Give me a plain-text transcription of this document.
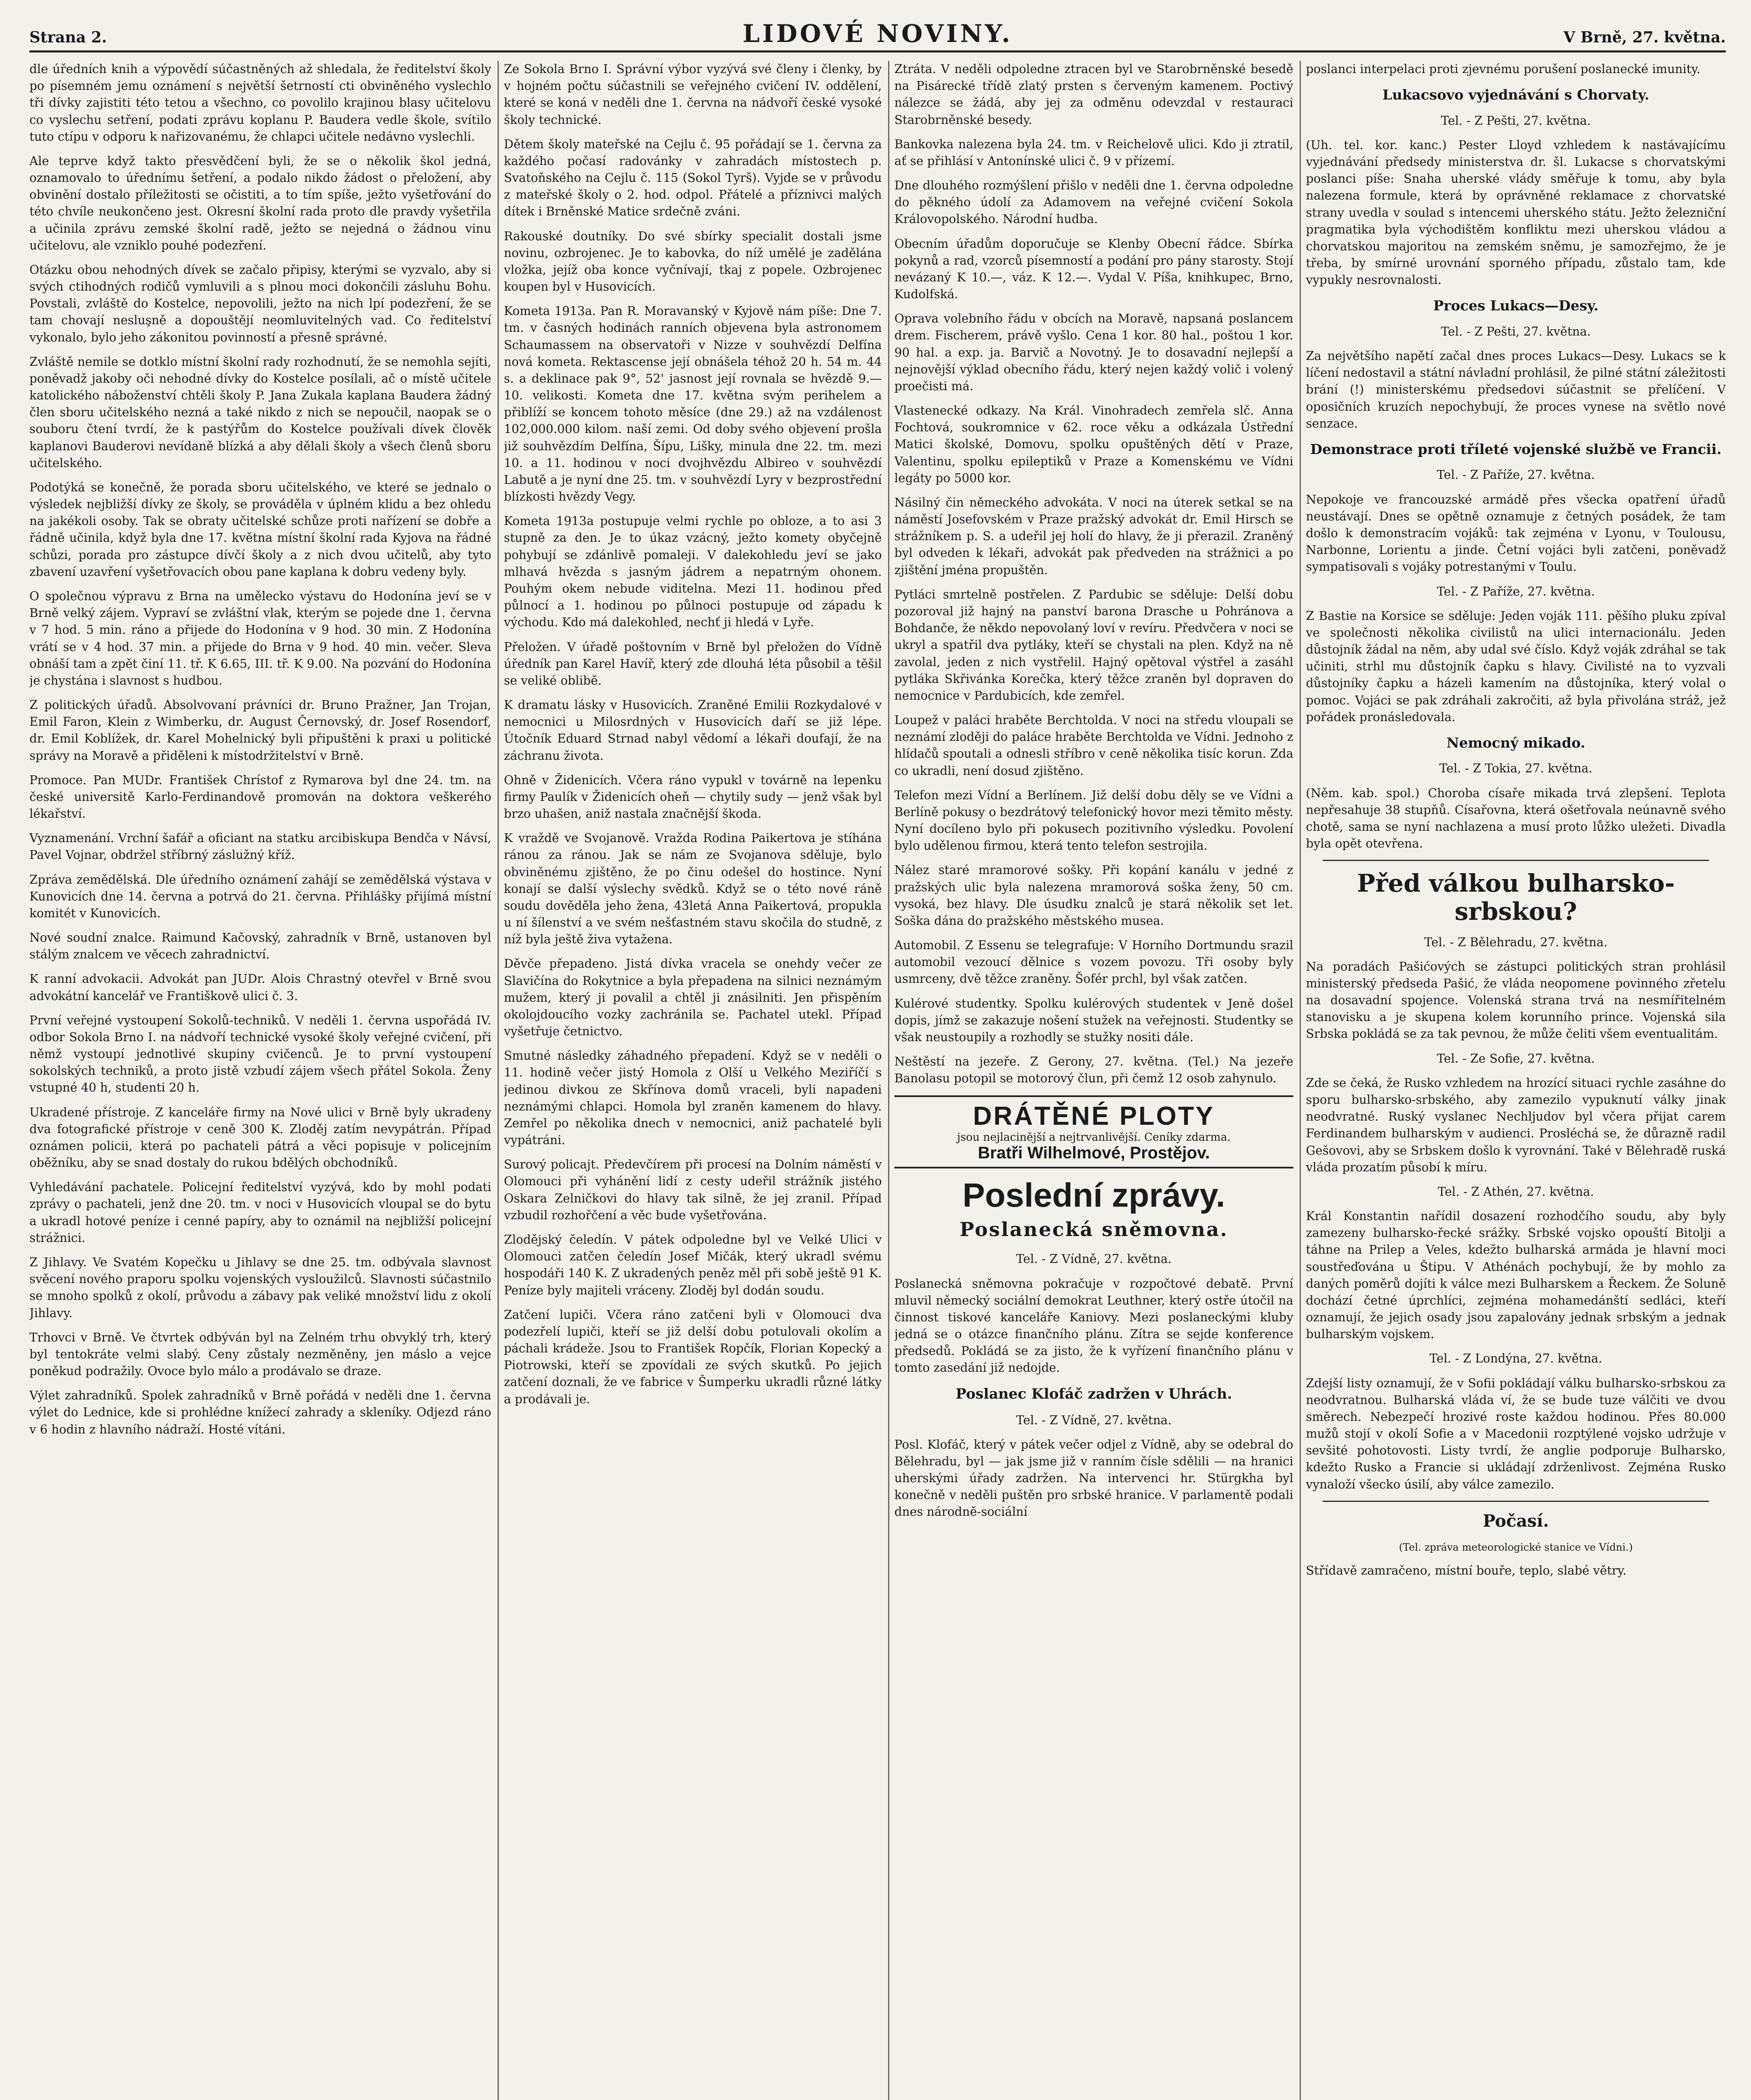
Strana 2.	LIDOVÉ NOVINY.	V Brně, 27. května.

dle úředních knih a výpovědí súčastněných až shledala, že ředitelství školy po písemném jemu oznámení s největší šetrností cti obviněného vyslechlo tři dívky zajistiti této tetou a všechno, co povolilo krajinou blasy učitelovu co vyslechu setření, podati zprávu koplanu P. Baudera vedle škole, svítilo tuto ctípu v odporu k nařizovanému, že chlapci učitele nedávno vyslechli.

Ale teprve když takto přesvědčení byli, že se o několik škol jedná, oznamovalo to úřednímu šetření, a podalo nikdo žádost o přeložení, aby obvinění dostalo příležitosti se očistiti, a to tím spíše, ježto vyšetřování do této chvíle neukončeno jest. Okresní školní rada proto dle pravdy vyšetřila a učinila zprávu zemské školní radě, ježto se nejedná o žádnou vinu učitelovu, ale vzniklo pouhé podezření.

Otázku obou nehodných dívek se začalo připisy, kterými se vyzvalo, aby si svých ctihodných rodičů vymluvili a s plnou moci dokončili zásluhu Bohu. Povstali, zvláště do Kostelce, nepovolili, ježto na nich lpí podezření, že se tam chovají nesluşně a dopouštějí neomluvitelných vad. Co ředitelství vykonalo, bylo jeho zákonitou povinností a přesně správné.

Zvláště nemile se dotklo místní školní rady rozhodnutí, že se nemohla sejíti, poněvadž jakoby oči nehodné dívky do Kostelce posílali, ač o místě učitele katolického náboženství chtěli školy P. Jana Zukala kaplana Baudera žádný člen sboru učitelského nezná a také nikdo z nich se nepoučil, naopak se o souboru čtení tvrdí, že k pastýřům do Kostelce používali dívek člověk kaplanovi Bauderovi nevídaně blízká a aby dělali školy a všech členů sboru učitelského.

Podotýká se konečně, že porada sboru učitelského, ve které se jednalo o výsledek nejbližší dívky ze školy, se prováděla v úplném klidu a bez ohledu na jakékoli osoby. Tak se obraty učitelské schůze proti nařízení se dobře a řádně učinila, když byla dne 17. května místní školní rada Kyjova na řádné schůzi, porada pro zástupce dívčí školy a z nich dvou učitelů, aby tyto zbavení uzavření vyšetřovacích obou pane kaplana k dobru vedeny byly.

O společnou výpravu z Brna na umělecko výstavu do Hodonína jeví se v Brně velký zájem. Vypraví se zvláštní vlak, kterým se pojede dne 1. června v 7 hod. 5 min. ráno a přijede do Hodonína v 9 hod. 30 min. Z Hodonína vrátí se v 4 hod. 37 min. a přijede do Brna v 9 hod. 40 min. večer. Sleva obnáší tam a zpět činí 11. tř. K 6.65, III. tř. K 9.00. Na pozvání do Hodonína je chystána i slavnost s hudbou.

Z politických úřadů. Absolvovaní právníci dr. Bruno Pražner, Jan Trojan, Emil Faron, Klein z Wimberku, dr. August Černovský, dr. Josef Rosendorf, dr. Emil Koblížek, dr. Karel Mohelnický byli připuštěni k praxi u politické správy na Moravě a přiděleni k místodržitelství v Brně.

Promoce. Pan MUDr. František Chrístof z Rymarova byl dne 24. tm. na české universitě Karlo-Ferdinandově promován na doktora veškerého lékařství.

Vyznamenání. Vrchní šafář a oficiant na statku arcibiskupa Bendča v Návsí, Pavel Vojnar, obdržel stříbrný záslužný kříž.

Zpráva zemědělská. Dle úředního oznámení zahájí se zemědělská výstava v Kunovicích dne 14. června a potrvá do 21. června. Přihlášky přijímá místní komitét v Kunovicích.

Nové soudní znalce. Raimund Kačovský, zahradník v Brně, ustanoven byl stálým znalcem ve věcech zahradnictví.

K ranní advokacii. Advokát pan JUDr. Alois Chrastný otevřel v Brně svou advokátní kancelář ve Františkově ulici č. 3.

První veřejné vystoupení Sokolů-techniků. V neděli 1. června uspořádá IV. odbor Sokola Brno I. na nádvoří technické vysoké školy veřejné cvičení, při němž vystoupí jednotlivé skupiny cvičenců. Je to první vystoupení sokolských techniků, a proto jistě vzbudí zájem všech přátel Sokola. Ženy vstupné 40 h, studenti 20 h.

Ukradené přístroje. Z kanceláře firmy na Nové ulici v Brně byly ukradeny dva fotografické přístroje v ceně 300 K. Zloděj zatím nevypátrán. Případ oznámen policii, která po pachateli pátrá a věci popisuje v policejním oběžníku, aby se snad dostaly do rukou bdělých obchodníků.

Vyhledávání pachatele. Policejní ředitelství vyzývá, kdo by mohl podati zprávy o pachateli, jenž dne 20. tm. v noci v Husovicích vloupal se do bytu a ukradl hotové peníze i cenné papíry, aby to oznámil na nejbližší policejní strážnici.

Z Jihlavy. Ve Svatém Kopečku u Jihlavy se dne 25. tm. odbývala slavnost svěcení nového praporu spolku vojenských vysloužilců. Slavnosti súčastnilo se mnoho spolků z okolí, průvodu a zábavy pak veliké množství lidu z okolí Jihlavy.

Trhovci v Brně. Ve čtvrtek odbýván byl na Zelném trhu obvyklý trh, který byl tentokráte velmi slabý. Ceny zůstaly nezměněny, jen máslo a vejce poněkud podražily. Ovoce bylo málo a prodávalo se draze.

Výlet zahradníků. Spolek zahradníků v Brně pořádá v neděli dne 1. června výlet do Lednice, kde si prohlédne knížecí zahrady a skleníky. Odjezd ráno v 6 hodin z hlavního nádraží. Hosté vítáni.

Ze Sokola Brno I. Správní výbor vyzývá své členy i členky, by v hojném počtu súčastnili se veřejného cvičení IV. oddělení, které se koná v neděli dne 1. června na nádvoří české vysoké školy technické.

Dětem školy mateřské na Cejlu č. 95 pořádají se 1. června za každého počasí radovánky v zahradách místostech p. Svatoňského na Cejlu č. 115 (Sokol Tyrš). Vyjde se v průvodu z mateřské školy o 2. hod. odpol. Přátelé a příznivci malých dítek i Brněnské Matice srdečně zváni.

Rakouské doutníky. Do své sbírky specialit dostali jsme novinu, ozbrojenec. Je to kabovka, do níž umělé je zadělána vložka, jejíž oba konce vyčnívají, tkaj z popele. Ozbrojenec koupen byl v Husovicích.

Kometa 1913a. Pan R. Moravanský v Kyjově nám píše: Dne 7. tm. v časných hodinách ranních objevena byla astronomem Schaumassem na observatoři v Nizze v souhvězdí Delfína nová kometa. Rektascense její obnášela téhož 20 h. 54 m. 44 s. a deklinace pak 9°, 52' jasnost její rovnala se hvězdě 9.—10. velikosti. Kometa dne 17. května svým perihelem a přiblíží se koncem tohoto měsíce (dne 29.) až na vzdálenost 102,000.000 kilom. naší zemi. Od doby svého objevení prošla již souhvězdím Delfína, Šípu, Lišky, minula dne 22. tm. mezi 10. a 11. hodinou v noci dvojhvězdu Albireo v souhvězdí Labutě a je nyní dne 25. tm. v souhvězdí Lyry v bezprostřední blízkosti hvězdy Vegy.

Kometa 1913a postupuje velmi rychle po obloze, a to asi 3 stupně za den. Je to úkaz vzácný, ježto komety obyčejně pohybují se zdánlivě pomaleji. V dalekohledu jeví se jako mlhavá hvězda s jasným jádrem a nepatrným ohonem. Pouhým okem nebude viditelna. Mezi 11. hodinou před půlnocí a 1. hodinou po půlnoci postupuje od západu k východu. Kdo má dalekohled, nechť ji hledá v Lyře.

Přeložen. V úřadě poštovním v Brně byl přeložen do Vídně úředník pan Karel Havíř, který zde dlouhá léta působil a těšil se veliké oblibě.

K dramatu lásky v Husovicích. Zraněné Emilii Rozkydalové v nemocnici u Milosrdných v Husovicích daří se již lépe. Útočník Eduard Strnad nabyl vědomí a lékaři doufají, že na záchranu života.

Ohně v Židenicích. Včera ráno vypukl v továrně na lepenku firmy Paulík v Židenicích oheň — chytily sudy — jenž však byl brzo uhašen, aniž nastala značnější škoda.

K vraždě ve Svojanově. Vražda Rodina Paikertova je stíhána ránou za ránou. Jak se nám ze Svojanova sděluje, bylo obviněnému zjištěno, že po činu odešel do hostince. Nyní konají se další výslechy svědků. Když se o této nové ráně soudu dověděla jeho žena, 43letá Anna Paikertová, propukla u ní šílenství a ve svém nešťastném stavu skočila do studně, z níž byla ještě živa vytažena.

Děvče přepadeno. Jistá dívka vracela se onehdy večer ze Slavičína do Rokytnice a byla přepadena na silnici neznámým mužem, který ji povalil a chtěl ji znásilniti. Jen přispěním okolojdoucího vozky zachránila se. Pachatel utekl. Případ vyšetřuje četnictvo.

Smutné následky záhadného přepadení. Když se v neděli o 11. hodině večer jistý Homola z Olší u Velkého Meziříčí s jedinou divkou ze Skřínova domů vraceli, byli napadeni neznámými chlapci. Homola byl zraněn kamenem do hlavy. Zemřel po několika dnech v nemocnici, aniž pachatelé byli vypátráni.

Surový policajt. Předevčírem při procesí na Dolním náměstí v Olomouci při vyhánění lidí z cesty udeřil strážník jistého Oskara Zelničkovi do hlavy tak silně, že jej zranil. Případ vzbudil rozhořčení a věc bude vyšetřována.

Zlodějský čeledín. V pátek odpoledne byl ve Velké Ulici v Olomouci zatčen čeledín Josef Mičák, který ukradl svému hospodáři 140 K. Z ukradených peněz měl při sobě ještě 91 K. Peníze byly majiteli vráceny. Zloděj byl dodán soudu.

Zatčení lupiči. Včera ráno zatčeni byli v Olomouci dva podezřelí lupiči, kteří se již delší dobu potulovali okolím a páchali krádeže. Jsou to František Ropčík, Florian Kopecký a Piotrowski, kteří se zpovídali ze svých skutků. Po jejich zatčení doznali, že ve fabrice v Šumperku ukradli různé látky a prodávali je.

Ztráta. V neděli odpoledne ztracen byl ve Starobrněnské besedě na Pisárecké třídě zlatý prsten s červeným kamenem. Poctivý nálezce se žádá, aby jej za odměnu odevzdal v restauraci Starobrněnské besedy.

Bankovka nalezena byla 24. tm. v Reichelově ulici. Kdo ji ztratil, ať se přihlásí v Antonínské ulici č. 9 v přízemí.

Dne dlouhého rozmýšlení přišlo v neděli dne 1. června odpoledne do pěkného údolí za Adamovem na veřejné cvičení Sokola Královopolského. Národní hudba.

Obecním úřadům doporučuje se Klenby Obecní řádce. Sbírka pokynů a rad, vzorců písemností a podání pro pány starosty. Stojí nevázaný K 10.—, váz. K 12.—. Vydal V. Píša, knihkupec, Brno, Kudolfská.

Oprava volebního řádu v obcích na Moravě, napsaná poslancem drem. Fischerem, právě vyšlo. Cena 1 kor. 80 hal., poštou 1 kor. 90 hal. a exp. ja. Barvič a Novotný. Je to dosavadní nejlepší a nejnovější výklad obecního řádu, který nejen každý volič i volený proečisti má.

Vlastenecké odkazy. Na Král. Vinohradech zemřela slč. Anna Fochtová, soukromnice v 62. roce věku a odkázala Ústřední Matici školské, Domovu, spolku opuštěných dětí v Praze, Valentinu, spolku epileptiků v Praze a Komenskému ve Vídni legáty po 5000 kor.

Násilný čin německého advokáta. V noci na úterek setkal se na náměstí Josefovském v Praze pražský advokát dr. Emil Hirsch se strážníkem p. S. a udeřil jej holí do hlavy, že ji přerazil. Zraněný byl odveden k lékaři, advokát pak předveden na strážnici a po zjištění jména propuštěn.

Pytláci smrtelně postřelen. Z Pardubic se sděluje: Delší dobu pozoroval již hajný na panství barona Drasche u Pohránova a Bohdanče, že někdo nepovolaný loví v revíru. Předvčera v noci se ukryl a spatřil dva pytláky, kteří se chystali na plen. Když na ně zavolal, jeden z nich vystřelil. Hajný opětoval výstřel a zasáhl pytláka Skřivánka Korečka, který těžce zraněn byl dopraven do nemocnice v Pardubicích, kde zemřel.

Loupež v paláci hraběte Berchtolda. V noci na středu vloupali se neznámí zloději do paláce hraběte Berchtolda ve Vídni. Jednoho z hlídačů spoutali a odnesli stříbro v ceně několika tisíc korun. Zda co ukradli, není dosud zjištěno.

Telefon mezi Vídní a Berlínem. Již delší dobu děly se ve Vídni a Berlíně pokusy o bezdrátový telefonický hovor mezi těmito městy. Nyní docíleno bylo při pokusech pozitivního výsledku. Povolení bylo udělenou firmou, která tento telefon sestrojila.

Nález staré mramorové sošky. Při kopání kanálu v jedné z pražských ulic byla nalezena mramorová soška ženy, 50 cm. vysoká, bez hlavy. Dle úsudku znalců je stará několik set let. Soška dána do pražského městského musea.

Automobil. Z Essenu se telegrafuje: V Horního Dortmundu srazil automobil vezoucí dělnice s vozem povozu. Tři osoby byly usmrceny, dvě těžce zraněny. Šofér prchl, byl však zatčen.

Kulérové studentky. Spolku kulérových studentek v Jeně došel dopis, jímž se zakazuje nošení stužek na veřejnosti. Studentky se však neustoupily a rozhodly se stužky nositi dále.

Neštěstí na jezeře. Z Gerony, 27. května. (Tel.) Na jezeře Banolasu potopil se motorový člun, při čemž 12 osob zahynulo.

DRÁTĚNÉ PLOTY
jsou nejlacinější a nejtrvanlivější. Ceníky zdarma.
Bratři Wilhelmové, Prostějov.
Poslední zprávy.
Poslanecká sněmovna.

Tel. - Z Vídně, 27. května.

Poslanecká sněmovna pokračuje v rozpočtové debatě. První mluvil německý sociální demokrat Leuthner, který ostře útočil na činnost tiskové kanceláře Kaniovy. Mezi poslaneckými kluby jedná se o otázce finančního plánu. Zítra se sejde konference předsedů. Pokládá se za jisto, že k vyřízení finančního plánu v tomto zasedání již nedojde.

Poslanec Klofáč zadržen v Uhrách.

Tel. - Z Vídně, 27. května.

Posl. Klofáč, který v pátek večer odjel z Vídně, aby se odebral do Bělehradu, byl — jak jsme již v ranním čísle sdělili — na hranici uherskými úřady zadržen. Na intervenci hr. Stürgkha byl konečně v neděli puštěn pro srbské hranice. V parlamentě podali dnes národně-sociální

poslanci interpelaci proti zjevnému porušení poslanecké imunity.

Lukacsovo vyjednávání s Chorvaty.

Tel. - Z Pešti, 27. května.

(Uh. tel. kor. kanc.) Pester Lloyd vzhledem k nastávajícímu vyjednávání předsedy ministerstva dr. šl. Lukacse s chorvatskými poslanci píše: Snaha uherské vlády směřuje k tomu, aby byla nalezena formule, která by oprávněné reklamace z chorvatské strany uvedla v soulad s intencemi uherského státu. Ježto železniční pragmatika byla východištěm konfliktu mezi uherskou vládou a chorvatskou majoritou na zemském sněmu, je samozřejmo, že je třeba, by smírné urovnání sporného případu, zůstalo tam, kde vypukly nesrovnalosti.

Proces Lukacs—Desy.

Tel. - Z Pešti, 27. května.

Za největšího napětí začal dnes proces Lukacs—Desy. Lukacs se k líčení nedostavil a státní návladní prohlásil, že pilné státní záležitosti brání (!) ministerskému předsedovi súčastnit se přelíčení. V oposičních kruzích nepochybují, že proces vynese na světlo nové senzace.

Demonstrace proti tříleté vojenské službě ve Francii.

Tel. - Z Paříže, 27. května.

Nepokoje ve francouzské armádě přes všecka opatření úřadů neustávají. Dnes se opětně oznamuje z četných posádek, že tam došlo k demonstracím vojáků: tak zejména v Lyonu, v Toulousu, Narbonne, Lorientu a jinde. Četní vojáci byli zatčeni, poněvadž sympatisovali s vojáky potrestanými v Toulu.

Tel. - Z Paříže, 27. května.

Z Bastie na Korsice se sděluje: Jeden voják 111. pěšího pluku zpíval ve společnosti několika civilistů na ulici internacionálu. Jeden důstojník žádal na něm, aby udal své číslo. Když voják zdráhal se tak učiniti, strhl mu důstojník čapku s hlavy. Civilisté na to vyzvali důstojníky čapku a házeli kamením na důstojníka, který volal o pomoc. Vojáci se pak zdráhali zakročiti, až byla přivolána stráž, jež pořádek pronásledovala.

Nemocný mikado.

Tel. - Z Tokia, 27. května.

(Něm. kab. spol.) Choroba císaře mikada trvá zlepšení. Teplota nepřesahuje 38 stupňů. Císařovna, která ošetřovala neúnavně svého chotě, sama se nyní nachlazena a musí proto lůžko uležeti. Divadla byla opět otevřena.

Před válkou bulharsko-srbskou?

Tel. - Z Bělehradu, 27. května.

Na poradách Pašićových se zástupci politických stran prohlásil ministerský předseda Pašić, že vláda neopomene povinného zřetelu na dosavadní spojence. Volenská strana trvá na nesmířitelném stanovisku a je skupena kolem korunního prince. Vojenská sila Srbska pokládá se za tak pevnou, že může čeliti všem eventualitám.

Tel. - Ze Sofie, 27. května.

Zde se čeká, že Rusko vzhledem na hrozící situaci rychle zasáhne do sporu bulharsko-srbského, aby zamezilo vypuknutí války jinak neodvratné. Ruský vyslanec Nechljudov byl včera přijat carem Ferdinandem bulharským v audienci. Prosléchá se, že důrazně radil Gešovovi, aby se Srbskem došlo k vyrovnání. Také v Bělehradě ruská vláda prozatím působí k míru.

Tel. - Z Athén, 27. května.

Král Konstantin nařídil dosazení rozhodčího soudu, aby byly zamezeny bulharsko-řecké srážky. Srbské vojsko opouští Bitolji a táhne na Prilep a Veles, kdežto bulharská armáda je hlavní moci soustřeďována u Štipu. V Athénách pochybují, že by mohlo za daných poměrů dojíti k válce mezi Bulharskem a Řeckem. Že Soluně dochází četné úprchlíci, zejména mohamedánští sedláci, kteří oznamují, že jejich osady jsou zapalovány jednak srbským a jednak bulharským vojskem.

Tel. - Z Londýna, 27. května.

Zdejší listy oznamují, že v Sofii pokládají válku bulharsko-srbskou za neodvratnou. Bulharská vláda ví, že se bude tuze válčiti ve dvou směrech. Nebezpečí hrozivé roste každou hodinou. Přes 80.000 mužů stojí v okolí Sofie a v Macedonii rozptýlené vojsko udržuje v sevšité pohotovosti. Listy tvrdí, že anglie podporuje Bulharsko, kdežto Rusko a Francie si ukládají zdrženlivost. Zejména Rusko vynaloží všecko úsilí, aby válce zamezilo.

Počasí.

(Tel. zpráva meteorologické stanice ve Vídni.)

Střídavě zamračeno, místní bouře, teplo, slabé větry.
